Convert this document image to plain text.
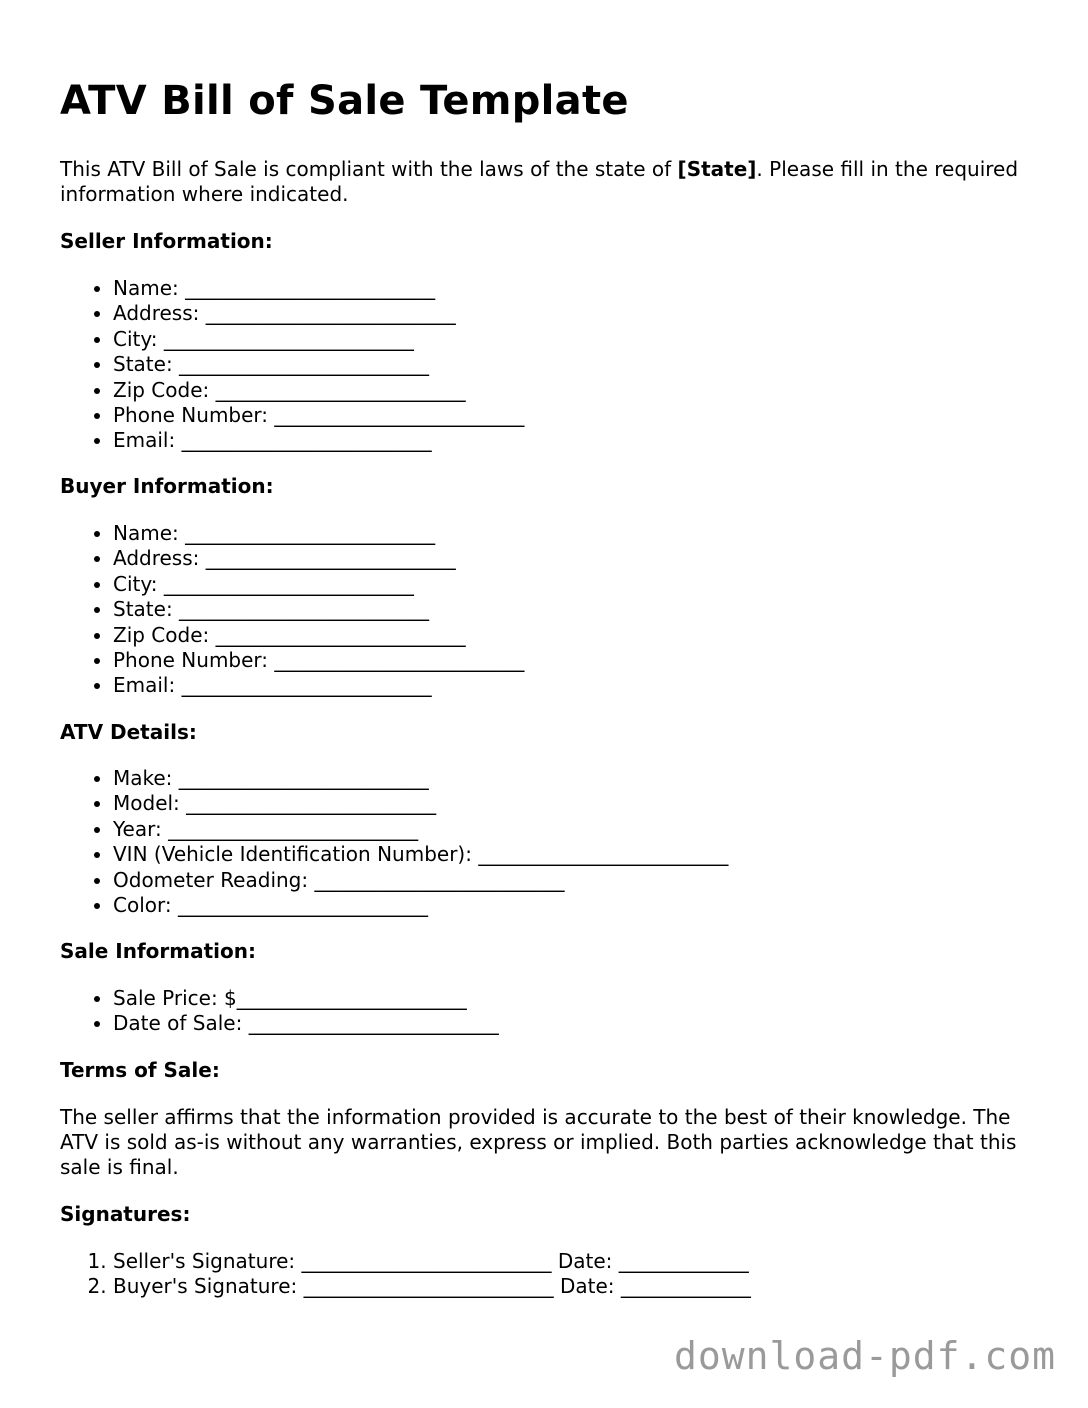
ATV Bill of Sale Template

This ATV Bill of Sale is compliant with the laws of the state of [State]. Please fill in the required information where indicated.

Seller Information:
• Name: _________________________
• Address: _________________________
• City: _________________________
• State: _________________________
• Zip Code: _________________________
• Phone Number: _________________________
• Email: _________________________
Buyer Information:
• Name: _________________________
• Address: _________________________
• City: _________________________
• State: _________________________
• Zip Code: _________________________
• Phone Number: _________________________
• Email: _________________________
ATV Details:
• Make: _________________________
• Model: _________________________
• Year: _________________________
• VIN (Vehicle Identification Number): _________________________
• Odometer Reading: _________________________
• Color: _________________________
Sale Information:
• Sale Price: $_______________________
• Date of Sale: _________________________
Terms of Sale:

The seller affirms that the information provided is accurate to the best of their knowledge. The ATV is sold as-is without any warranties, express or implied. Both parties acknowledge that this sale is final.

Signatures:
1. Seller's Signature: _________________________ Date: _____________
2. Buyer's Signature: _________________________ Date: _____________
download-pdf.com
